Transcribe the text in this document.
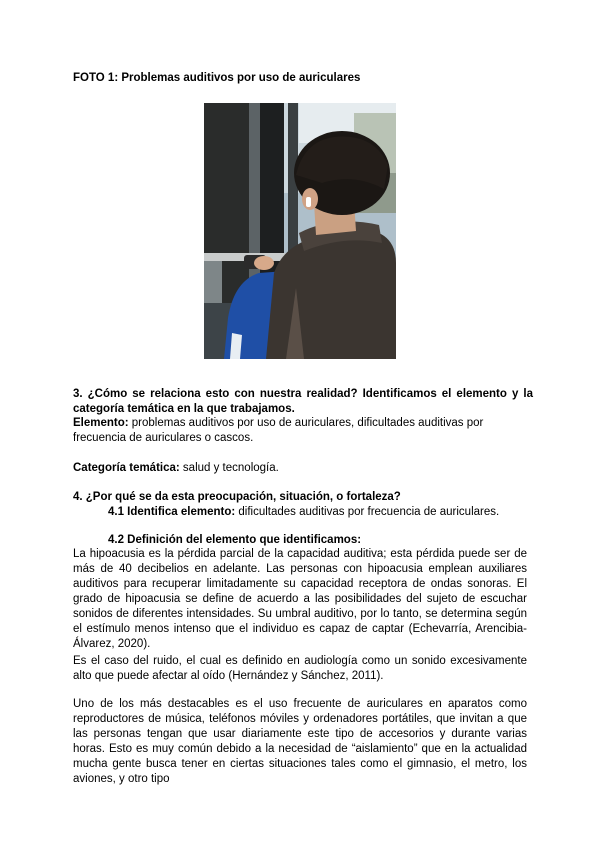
FOTO 1: Problemas auditivos por uso de auriculares
3. ¿Cómo se relaciona esto con nuestra realidad? Identificamos el elemento y la
categoría temática en la que trabajamos.
Elemento: problemas auditivos por uso de auriculares, dificultades auditivas por frecuencia de auriculares o cascos.
Categoría temática: salud y tecnología.
4. ¿Por qué se da esta preocupación, situación, o fortaleza?
4.1 Identifica elemento: dificultades auditivas por frecuencia de auriculares.
4.2 Definición del elemento que identificamos:
La hipoacusia es la pérdida parcial de la capacidad auditiva; esta pérdida puede ser de más de 40 decibelios en adelante. Las personas con hipoacusia emplean auxiliares auditivos para recuperar limitadamente su capacidad receptora de ondas sonoras. El grado de hipoacusia se define de acuerdo a las posibilidades del sujeto de escuchar sonidos de diferentes intensidades. Su umbral auditivo, por lo tanto, se determina según el estímulo menos intenso que el individuo es capaz de captar (Echevarría, Arencibia-Álvarez, 2020).
Es el caso del ruido, el cual es definido en audiología como un sonido excesivamente alto que puede afectar al oído (Hernández y Sánchez, 2011).
Uno de los más destacables es el uso frecuente de auriculares en aparatos como reproductores de música, teléfonos móviles y ordenadores portátiles, que invitan a que las personas tengan que usar diariamente este tipo de accesorios y durante varias horas. Esto es muy común debido a la necesidad de “aislamiento” que en la actualidad mucha gente busca tener en ciertas situaciones tales como el gimnasio, el metro, los aviones, y otro tipo
